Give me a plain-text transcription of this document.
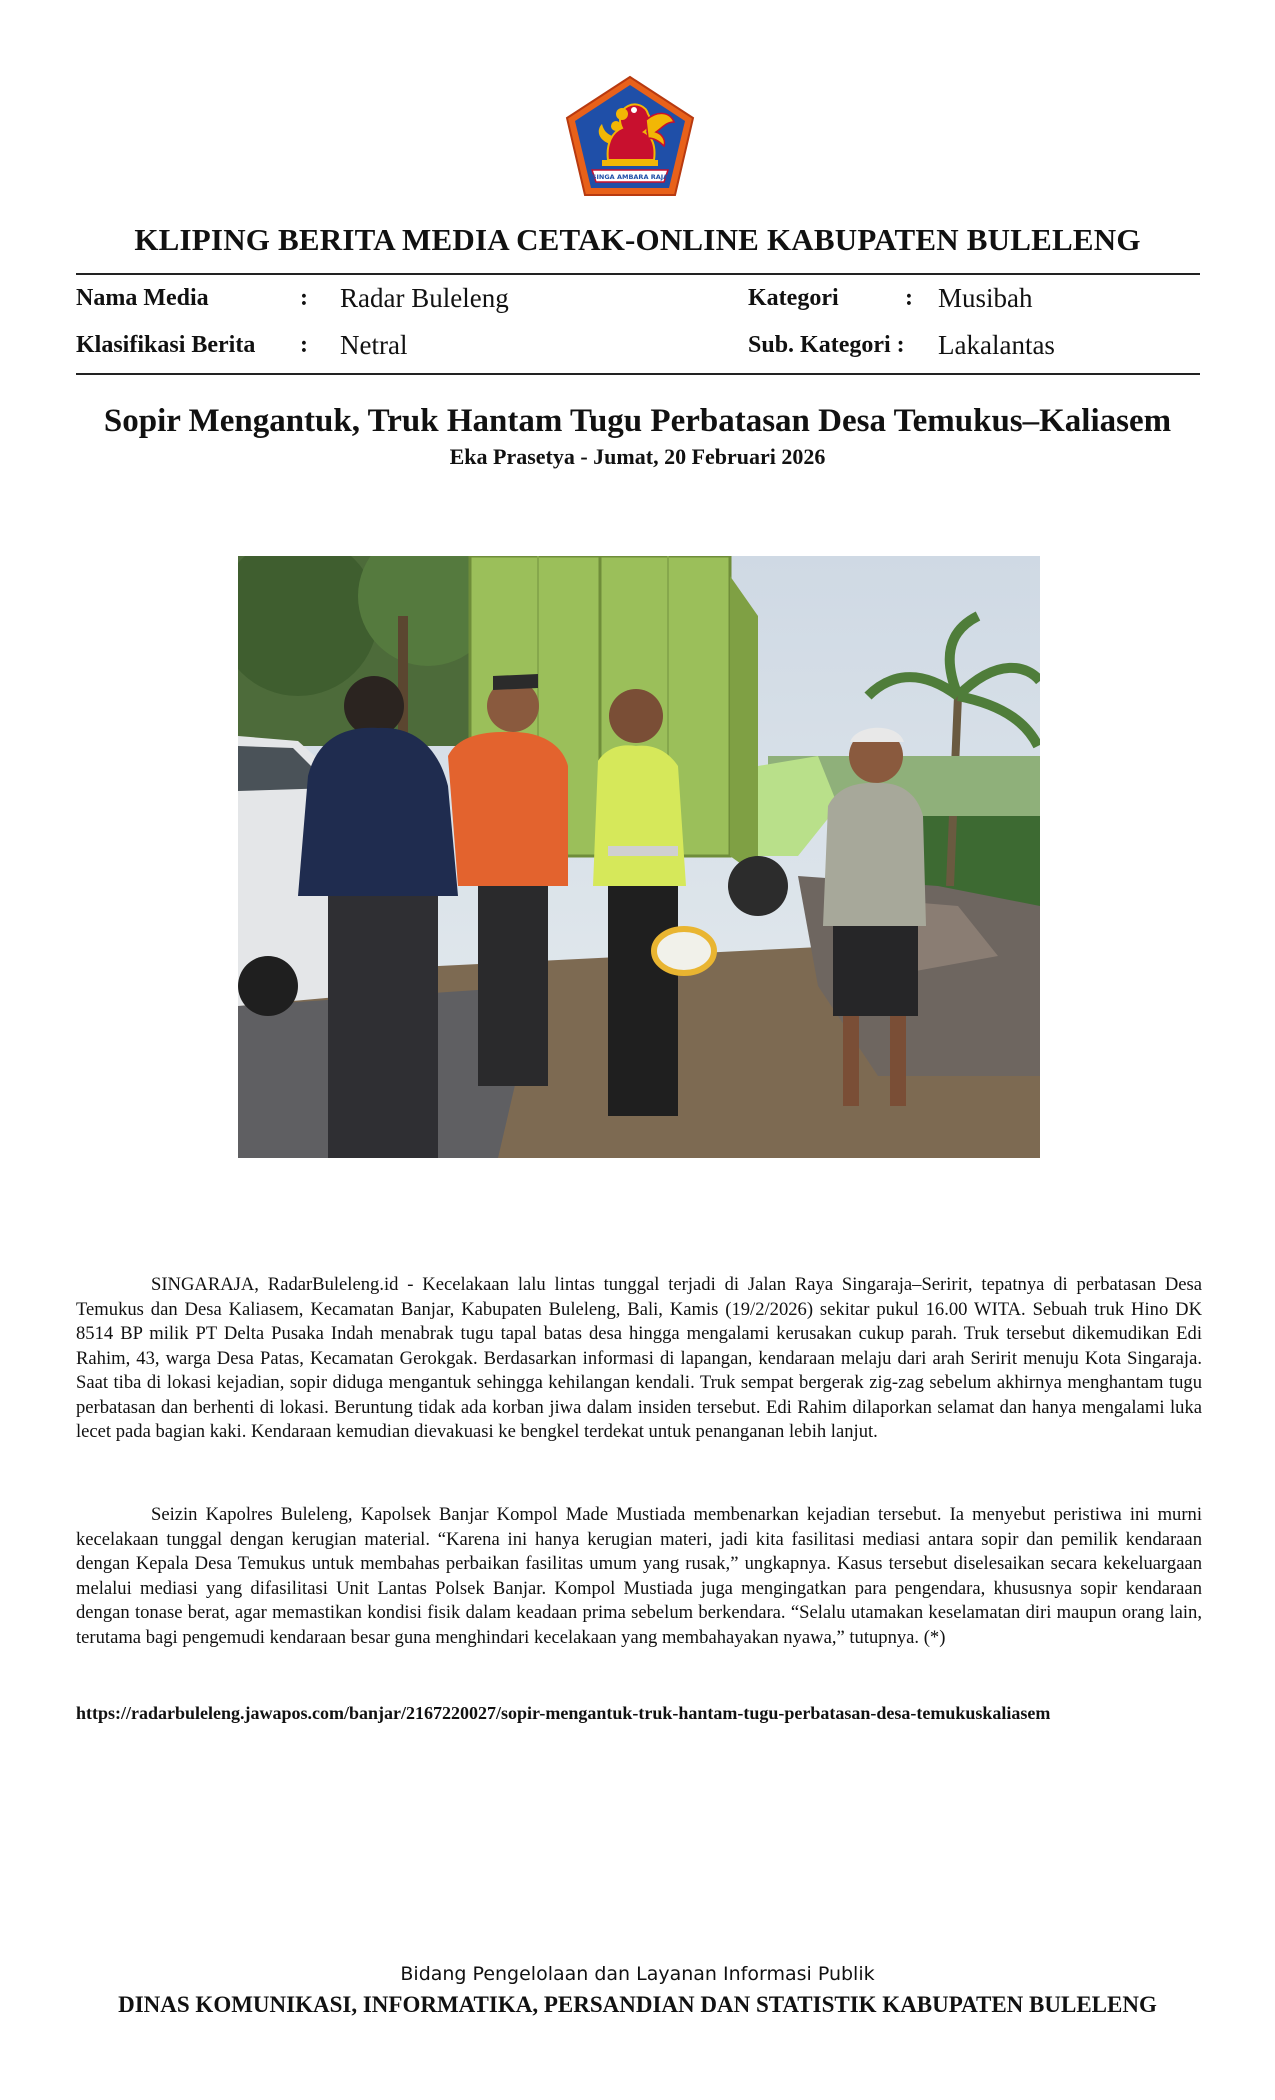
SINGA AMBARA RAJA
KLIPING BERITA MEDIA CETAK-ONLINE KABUPATEN BULELENG
Nama Media	: Radar Buleleng	Kategori	: Musibah
Klasifikasi Berita : Netral	Sub. Kategori : Lakalantas
Sopir Mengantuk, Truk Hantam Tugu Perbatasan Desa Temukus–Kaliasem
Eka Prasetya - Jumat, 20 Februari 2026

SINGARAJA, RadarBuleleng.id - Kecelakaan lalu lintas tunggal terjadi di Jalan Raya Singaraja–Seririt, tepatnya di perbatasan Desa Temukus dan Desa Kaliasem, Kecamatan Banjar, Kabupaten Buleleng, Bali, Kamis (19/2/2026) sekitar pukul 16.00 WITA. Sebuah truk Hino DK 8514 BP milik PT Delta Pusaka Indah menabrak tugu tapal batas desa hingga mengalami kerusakan cukup parah. Truk tersebut dikemudikan Edi Rahim, 43, warga Desa Patas, Kecamatan Gerokgak. Berdasarkan informasi di lapangan, kendaraan melaju dari arah Seririt menuju Kota Singaraja. Saat tiba di lokasi kejadian, sopir diduga mengantuk sehingga kehilangan kendali. Truk sempat bergerak zig-zag sebelum akhirnya menghantam tugu perbatasan dan berhenti di lokasi. Beruntung tidak ada korban jiwa dalam insiden tersebut. Edi Rahim dilaporkan selamat dan hanya mengalami luka lecet pada bagian kaki. Kendaraan kemudian dievakuasi ke bengkel terdekat untuk penanganan lebih lanjut.

Seizin Kapolres Buleleng, Kapolsek Banjar Kompol Made Mustiada membenarkan kejadian tersebut. Ia menyebut peristiwa ini murni kecelakaan tunggal dengan kerugian material. “Karena ini hanya kerugian materi, jadi kita fasilitasi mediasi antara sopir dan pemilik kendaraan dengan Kepala Desa Temukus untuk membahas perbaikan fasilitas umum yang rusak,” ungkapnya. Kasus tersebut diselesaikan secara kekeluargaan melalui mediasi yang difasilitasi Unit Lantas Polsek Banjar. Kompol Mustiada juga mengingatkan para pengendara, khususnya sopir kendaraan dengan tonase berat, agar memastikan kondisi fisik dalam keadaan prima sebelum berkendara. “Selalu utamakan keselamatan diri maupun orang lain, terutama bagi pengemudi kendaraan besar guna menghindari kecelakaan yang membahayakan nyawa,” tutupnya. (*)

https://radarbuleleng.jawapos.com/banjar/2167220027/sopir-mengantuk-truk-hantam-tugu-perbatasan-desa-temukuskaliasem
Bidang Pengelolaan dan Layanan Informasi Publik
DINAS KOMUNIKASI, INFORMATIKA, PERSANDIAN DAN STATISTIK KABUPATEN BULELENG
